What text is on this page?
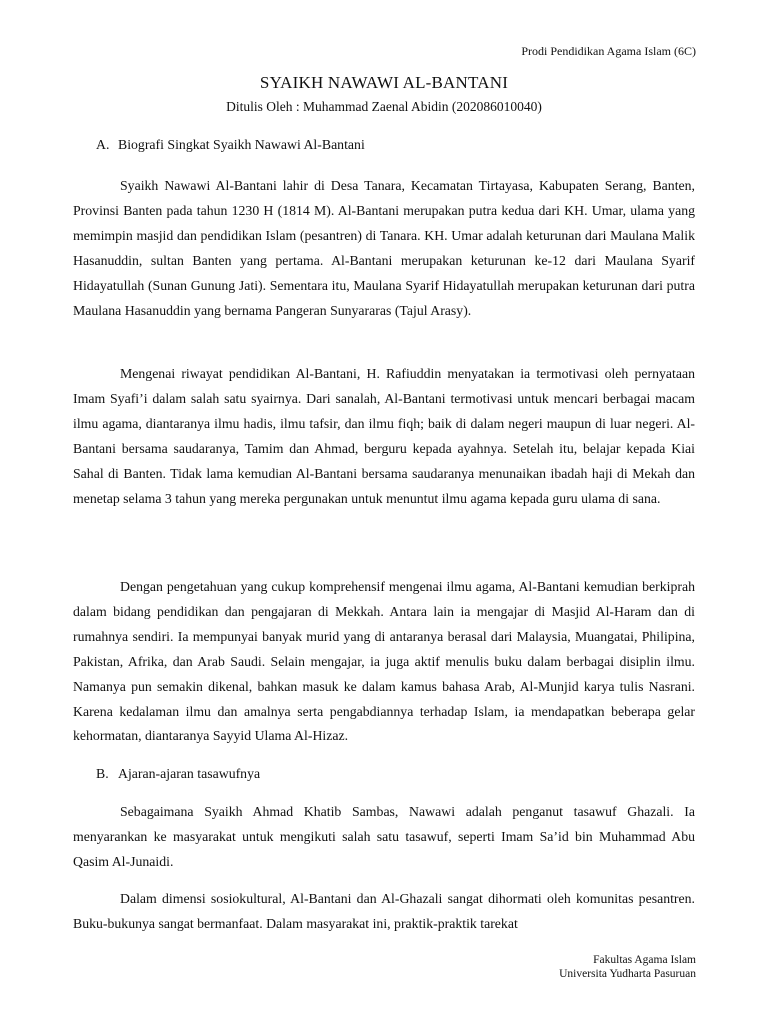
Prodi Pendidikan Agama Islam (6C)
SYAIKH NAWAWI AL-BANTANI
Ditulis Oleh : Muhammad Zaenal Abidin (202086010040)
A. Biografi Singkat Syaikh Nawawi Al-Bantani

Syaikh Nawawi Al-Bantani lahir di Desa Tanara, Kecamatan Tirtayasa, Kabupaten Serang, Banten, Provinsi Banten pada tahun 1230 H (1814 M). Al-Bantani merupakan putra kedua dari KH. Umar, ulama yang memimpin masjid dan pendidikan Islam (pesantren) di Tanara. KH. Umar adalah keturunan dari Maulana Malik Hasanuddin, sultan Banten yang pertama. Al-Bantani merupakan keturunan ke-12 dari Maulana Syarif Hidayatullah (Sunan Gunung Jati). Sementara itu, Maulana Syarif Hidayatullah merupakan keturunan dari putra Maulana Hasanuddin yang bernama Pangeran Sunyararas (Tajul Arasy).

Mengenai riwayat pendidikan Al-Bantani, H. Rafiuddin menyatakan ia termotivasi oleh pernyataan Imam Syafi’i dalam salah satu syairnya. Dari sanalah, Al-Bantani termotivasi untuk mencari berbagai macam ilmu agama, diantaranya ilmu hadis, ilmu tafsir, dan ilmu fiqh; baik di dalam negeri maupun di luar negeri. Al-Bantani bersama saudaranya, Tamim dan Ahmad, berguru kepada ayahnya. Setelah itu, belajar kepada Kiai Sahal di Banten. Tidak lama kemudian Al-Bantani bersama saudaranya menunaikan ibadah haji di Mekah dan menetap selama 3 tahun yang mereka pergunakan untuk menuntut ilmu agama kepada guru ulama di sana.

Dengan pengetahuan yang cukup komprehensif mengenai ilmu agama, Al-Bantani kemudian berkiprah dalam bidang pendidikan dan pengajaran di Mekkah. Antara lain ia mengajar di Masjid Al-Haram dan di rumahnya sendiri. Ia mempunyai banyak murid yang di antaranya berasal dari Malaysia, Muangatai, Philipina, Pakistan, Afrika, dan Arab Saudi. Selain mengajar, ia juga aktif menulis buku dalam berbagai disiplin ilmu. Namanya pun semakin dikenal, bahkan masuk ke dalam kamus bahasa Arab, Al-Munjid karya tulis Nasrani. Karena kedalaman ilmu dan amalnya serta pengabdiannya terhadap Islam, ia mendapatkan beberapa gelar kehormatan, diantaranya Sayyid Ulama Al-Hizaz.

B. Ajaran-ajaran tasawufnya

Sebagaimana Syaikh Ahmad Khatib Sambas, Nawawi adalah penganut tasawuf Ghazali. Ia menyarankan ke masyarakat untuk mengikuti salah satu tasawuf, seperti Imam Sa’id bin Muhammad Abu Qasim Al-Junaidi.

Dalam dimensi sosiokultural, Al-Bantani dan Al-Ghazali sangat dihormati oleh komunitas pesantren. Buku-bukunya sangat bermanfaat. Dalam masyarakat ini, praktik-praktik tarekat

Fakultas Agama Islam
Universita Yudharta Pasuruan
